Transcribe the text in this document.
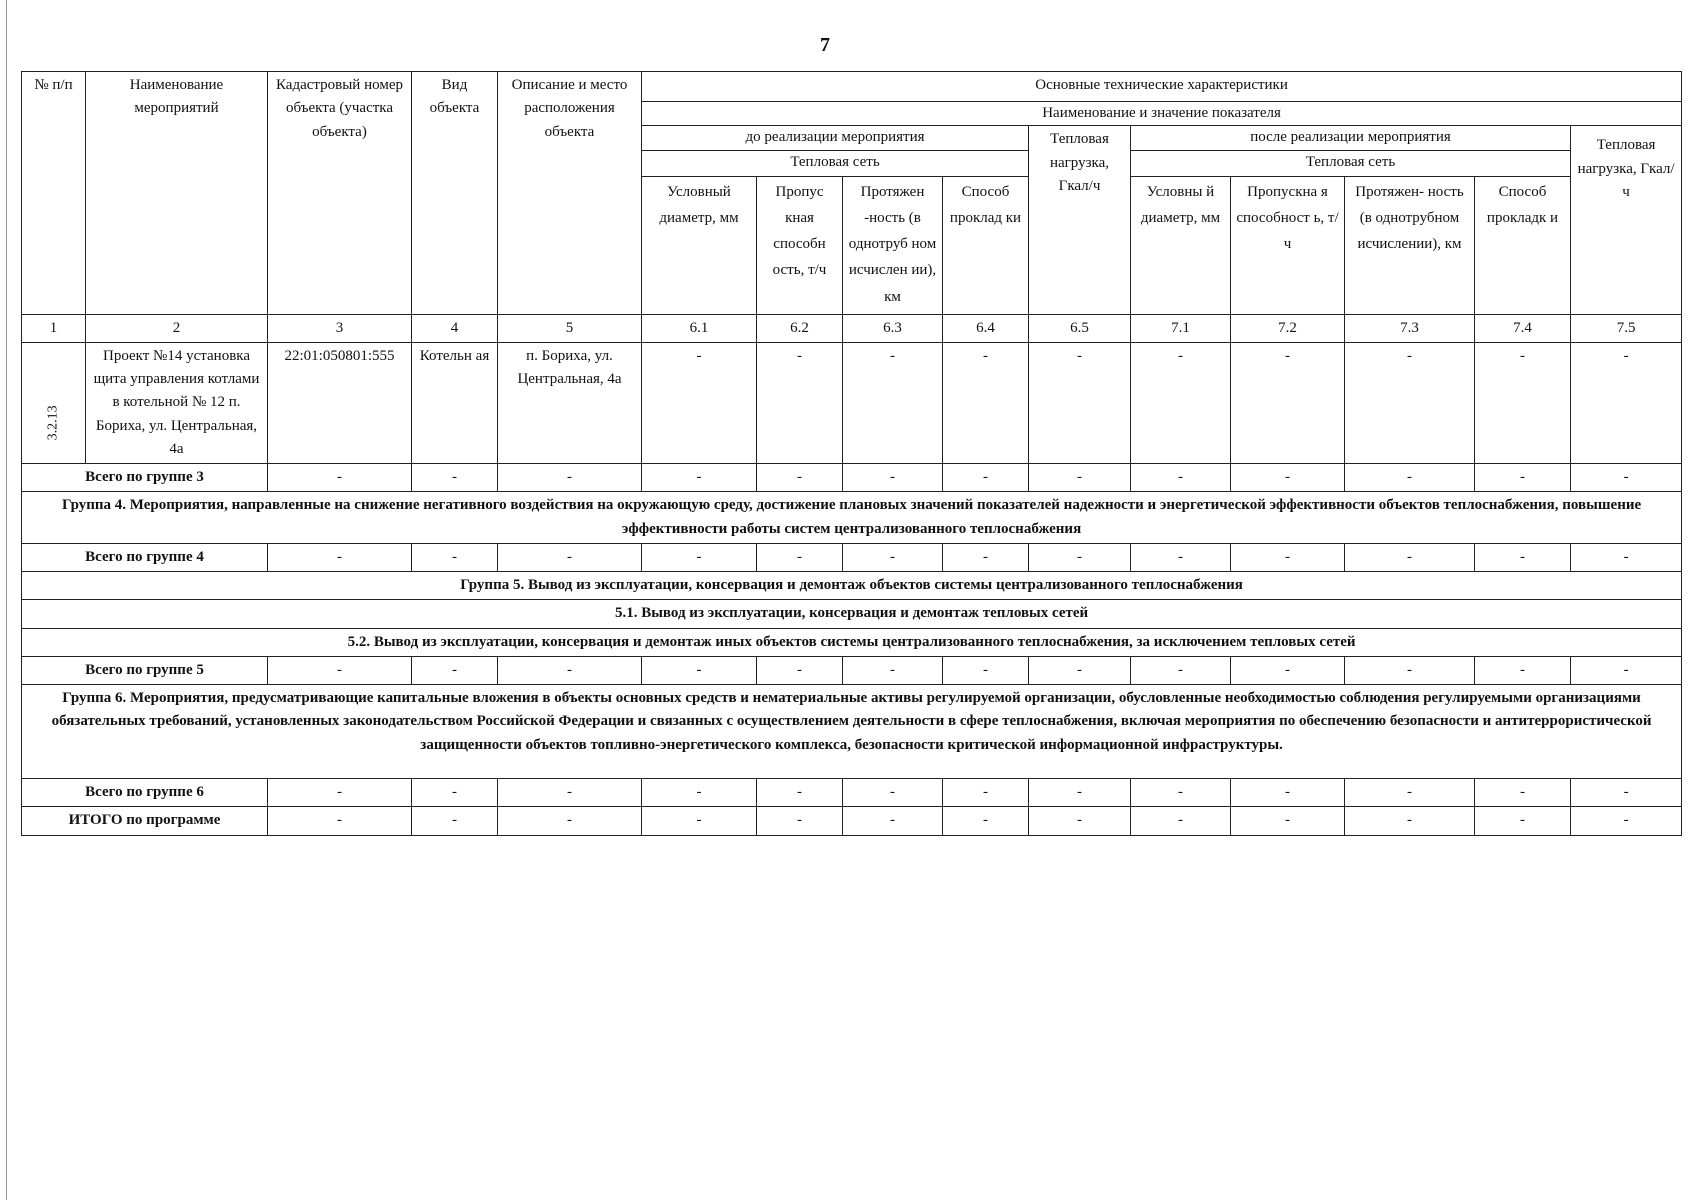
7
№ п/п	Наименование мероприятий	Кадастровый номер объекта (участка объекта)	Вид объекта	Описание и место расположения объекта	Основные технические характеристики									
					Наименование и значение показателя									
					до реализации мероприятия				Тепловая нагрузка, Гкал/ч	после реализации мероприятия				Тепловая нагрузка, Гкал/ч
					Тепловая сеть					Тепловая сеть				
					Условный диаметр, мм	Пропус кная способн ость, т/ч	Протяжен -ность (в однотруб ном исчислен ии), км	Способ проклад ки		Условны й диаметр, мм	Пропускна я способност ь, т/ч	Протяжен- ность (в однотрубном исчислении), км	Способ прокладк и	
1	2	3	4	5	6.1	6.2	6.3	6.4	6.5	7.1	7.2	7.3	7.4	7.5
3.2.13	Проект №14 установка щита управления котлами в котельной № 12 п. Бориха, ул. Центральная, 4а	22:01:050801:555	Котельн ая	п. Бориха, ул. Центральная, 4а	-	-	-	-	-	-	-	-	-	-
Всего по группе 3		-	-	-	-	-	-	-	-	-	-	-	-	-
Группа 4. Мероприятия, направленные на снижение негативного воздействия на окружающую среду, достижение плановых значений показателей надежности и энергетической эффективности объектов теплоснабжения, повышение эффективности работы систем централизованного теплоснабжения														
Всего по группе 4		-	-	-	-	-	-	-	-	-	-	-	-	-
Группа 5. Вывод из эксплуатации, консервация и демонтаж объектов системы централизованного теплоснабжения														
5.1. Вывод из эксплуатации, консервация и демонтаж тепловых сетей														
5.2. Вывод из эксплуатации, консервация и демонтаж иных объектов системы централизованного теплоснабжения, за исключением тепловых сетей														
Всего по группе 5		-	-	-	-	-	-	-	-	-	-	-	-	-
Группа 6. Мероприятия, предусматривающие капитальные вложения в объекты основных средств и нематериальные активы регулируемой организации, обусловленные необходимостью соблюдения регулируемыми организациями обязательных требований, установленных законодательством Российской Федерации и связанных с осуществлением деятельности в сфере теплоснабжения, включая мероприятия по обеспечению безопасности и антитеррористической защищенности объектов топливно-энергетического комплекса, безопасности критической информационной инфраструктуры.														
Всего по группе 6		-	-	-	-	-	-	-	-	-	-	-	-	-
ИТОГО по программе		-	-	-	-	-	-	-	-	-	-	-	-	-
